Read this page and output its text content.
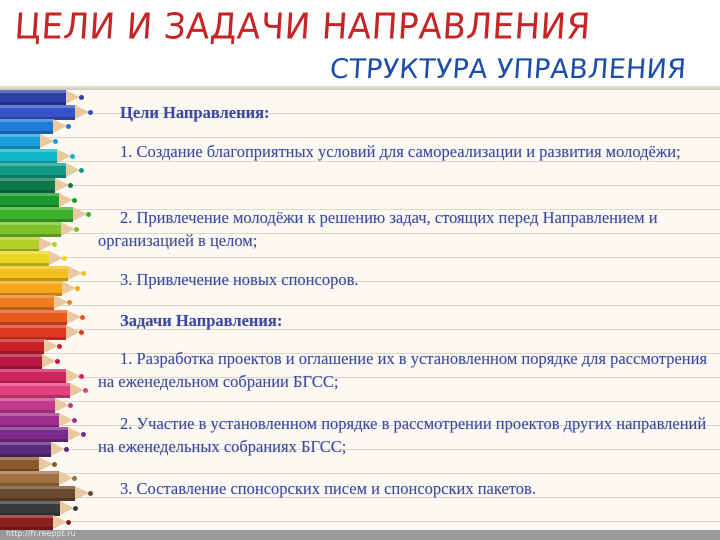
ЦЕЛИ И ЗАДАЧИ НАПРАВЛЕНИЯ
СТРУКТУРА УПРАВЛЕНИЯ

Цели Направления:

1. Создание благоприятных условий для самореализации и развития молодёжи;

2. Привлечение молодёжи к решению задач, стоящих перед Направлением и организацией в целом;

3. Привлечение новых спонсоров.

Задачи Направления:

1. Разработка проектов и оглашение их в установленном порядке для рассмотрения на еженедельном собрании БГСС;

2. Участие в установленном порядке в рассмотрении проектов других направлений на еженедельных собраниях БГСС;

3. Составление спонсорских писем и спонсорских пакетов.

http://fr.reeppt.ru
